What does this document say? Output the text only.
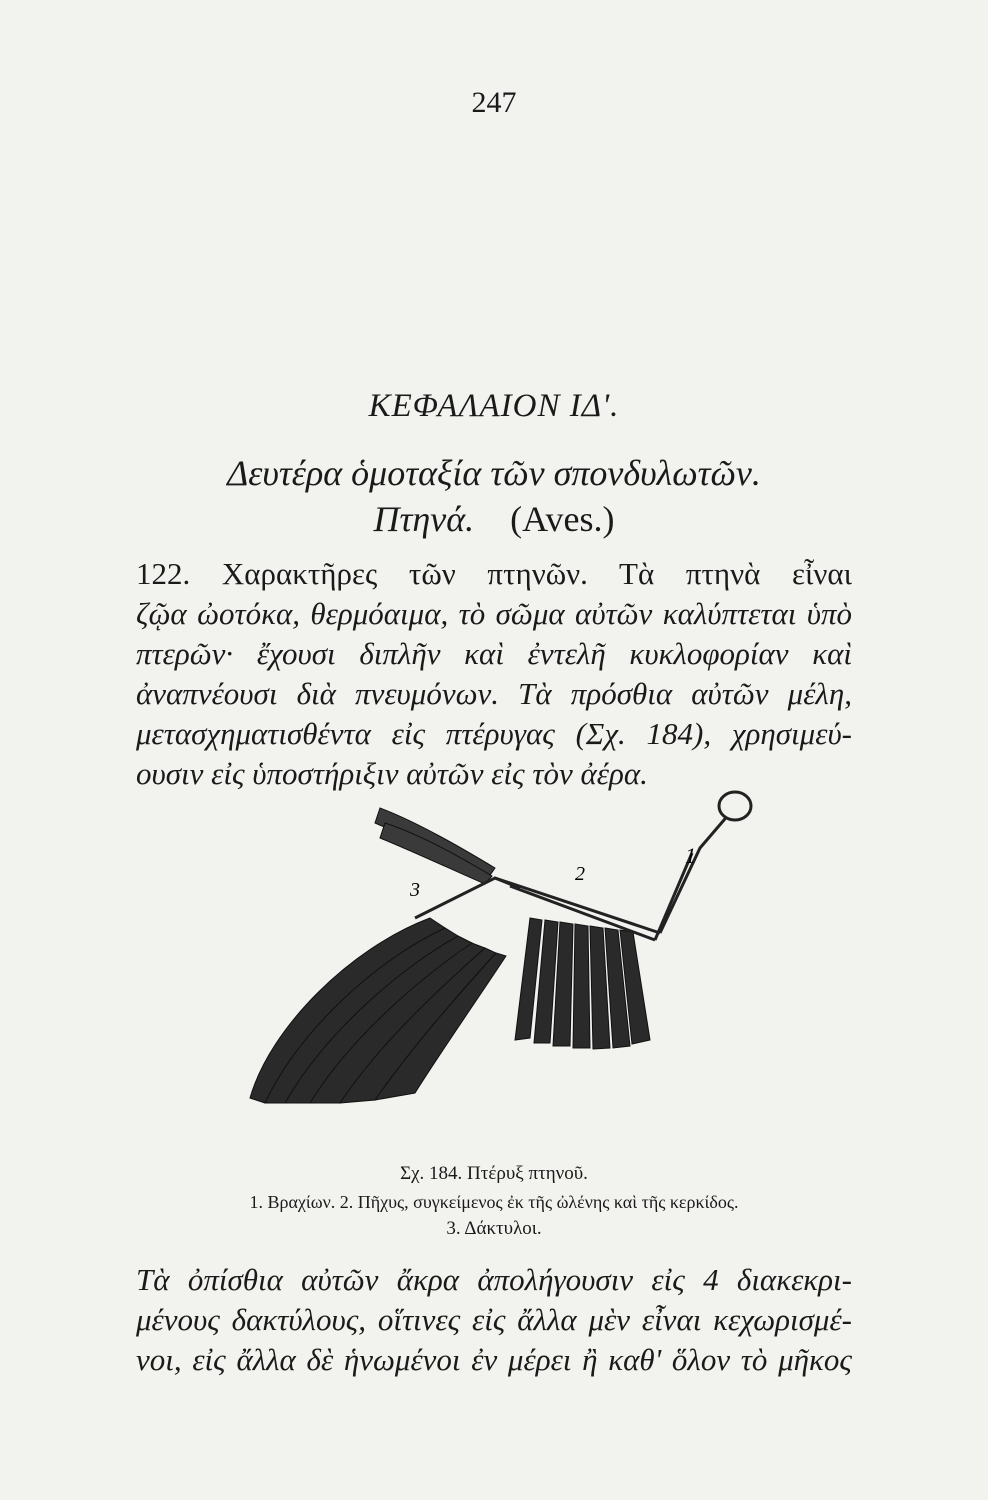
247
ΚΕΦΑΛΑΙΟΝ ΙΔ'.
Δευτέρα ὁμοταξία τῶν σπονδυλωτῶν.
Πτηνά. (Aves.)
122. Χαρακτῆρες τῶν πτηνῶν. Τὰ πτηνὰ εἶναι
ζῷα ὠοτόκα, θερμόαιμα, τὸ σῶμα αὐτῶν καλύπτεται ὑπὸ
πτερῶν· ἔχουσι διπλῆν καὶ ἐντελῆ κυκλοφορίαν καὶ
ἀναπνέουσι διὰ πνευμόνων. Τὰ πρόσθια αὐτῶν μέλη,
μετασχηματισθέντα εἰς πτέρυγας (Σχ. 184), χρησιμεύ-
ουσιν εἰς ὑποστήριξιν αὐτῶν εἰς τὸν ἀέρα.
1
2
3
Σχ. 184. Πτέρυξ πτηνοῦ.
1. Βραχίων. 2. Πῆχυς, συγκείμενος ἐκ τῆς ὠλένης καὶ τῆς κερκίδος.
3. Δάκτυλοι.
Τὰ ὀπίσθια αὐτῶν ἄκρα ἀπολήγουσιν εἰς 4 διακεκρι-
μένους δακτύλους, οἵτινες εἰς ἄλλα μὲν εἶναι κεχωρισμέ-
νοι, εἰς ἄλλα δὲ ἡνωμένοι ἐν μέρει ἢ καθ' ὅλον τὸ μῆκος
